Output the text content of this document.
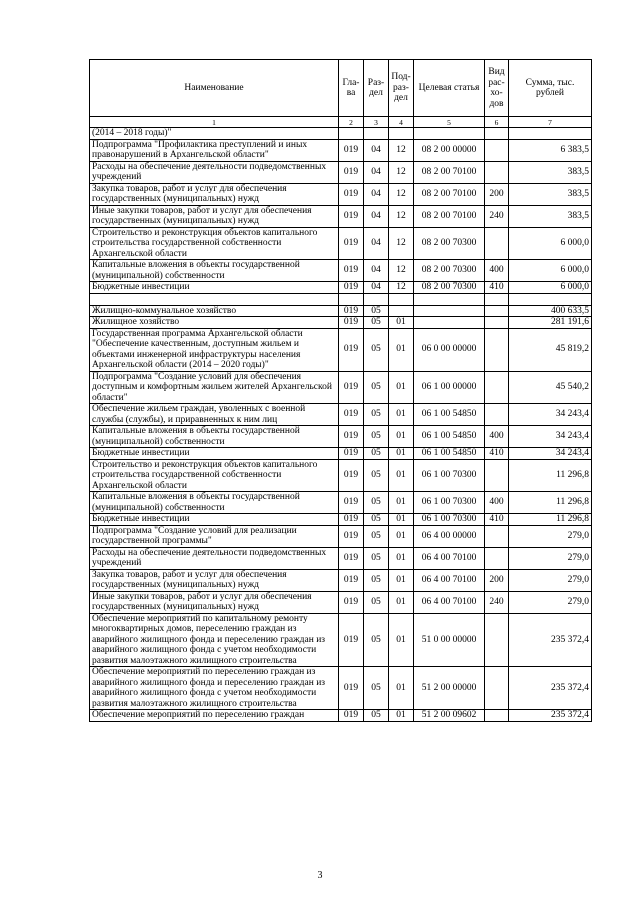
Наименование	Гла-ва	Раз-дел	Под-раз-дел	Целевая статья	Вид рас-хо-дов	Сумма, тыс. рублей
1	2	3	4	5	6	7
(2014 – 2018 годы)"						
Подпрограмма "Профилактика преступлений и иных правонарушений в Архангельской области"	019	04	12	08 2 00 00000		6 383,5
Расходы на обеспечение деятельности подведомственных учреждений	019	04	12	08 2 00 70100		383,5
Закупка товаров, работ и услуг для обеспечения государственных (муниципальных) нужд	019	04	12	08 2 00 70100	200	383,5
Иные закупки товаров, работ и услуг для обеспечения государственных (муниципальных) нужд	019	04	12	08 2 00 70100	240	383,5
Строительство и реконструкция объектов капитального строительства государственной собственности Архангельской области	019	04	12	08 2 00 70300		6 000,0
Капитальные вложения в объекты государственной (муниципальной) собственности	019	04	12	08 2 00 70300	400	6 000,0
Бюджетные инвестиции	019	04	12	08 2 00 70300	410	6 000,0

Жилищно-коммунальное хозяйство	019	05				400 633,5
Жилищное хозяйство	019	05	01			281 191,6
Государственная программа Архангельской области "Обеспечение качественным, доступным жильем и объектами инженерной инфраструктуры населения Архангельской области (2014 – 2020 годы)"	019	05	01	06 0 00 00000		45 819,2
Подпрограмма "Создание условий для обеспечения доступным и комфортным жильем жителей Архангельской области"	019	05	01	06 1 00 00000		45 540,2
Обеспечение жильем граждан, уволенных с военной службы (службы), и приравненных к ним лиц	019	05	01	06 1 00 54850		34 243,4
Капитальные вложения в объекты государственной (муниципальной) собственности	019	05	01	06 1 00 54850	400	34 243,4
Бюджетные инвестиции	019	05	01	06 1 00 54850	410	34 243,4
Строительство и реконструкция объектов капитального строительства государственной собственности Архангельской области	019	05	01	06 1 00 70300		11 296,8
Капитальные вложения в объекты государственной (муниципальной) собственности	019	05	01	06 1 00 70300	400	11 296,8
Бюджетные инвестиции	019	05	01	06 1 00 70300	410	11 296,8
Подпрограмма "Создание условий для реализации государственной программы"	019	05	01	06 4 00 00000		279,0
Расходы на обеспечение деятельности подведомственных учреждений	019	05	01	06 4 00 70100		279,0
Закупка товаров, работ и услуг для обеспечения государственных (муниципальных) нужд	019	05	01	06 4 00 70100	200	279,0
Иные закупки товаров, работ и услуг для обеспечения государственных (муниципальных) нужд	019	05	01	06 4 00 70100	240	279,0
Обеспечение мероприятий по капитальному ремонту многоквартирных домов, переселению граждан из аварийного жилищного фонда и переселению граждан из аварийного жилищного фонда с учетом необходимости развития малоэтажного жилищного строительства	019	05	01	51 0 00 00000		235 372,4
Обеспечение мероприятий по переселению граждан из аварийного жилищного фонда и переселению граждан из аварийного жилищного фонда с учетом необходимости развития малоэтажного жилищного строительства	019	05	01	51 2 00 00000		235 372,4
Обеспечение мероприятий по переселению граждан	019	05	01	51 2 00 09602		235 372,4
3
